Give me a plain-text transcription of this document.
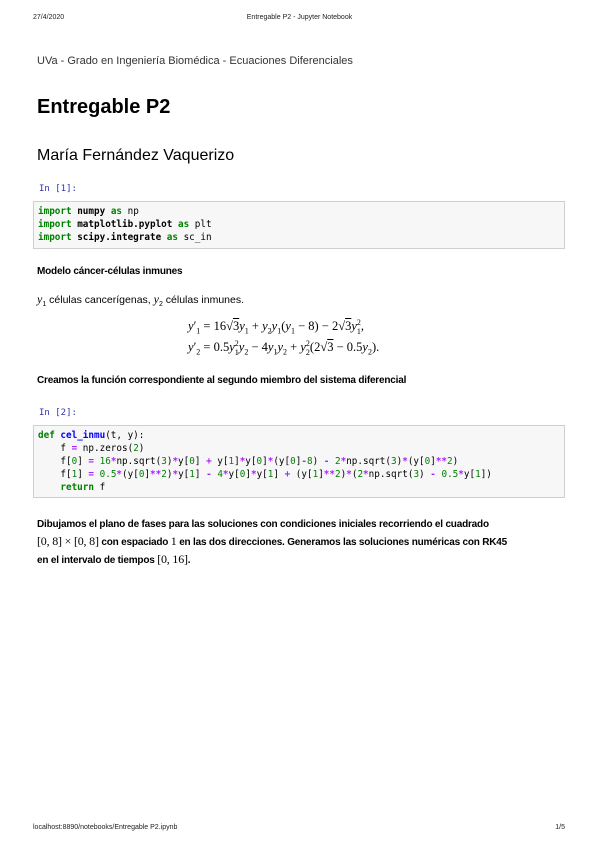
27/4/2020	Entregable P2 - Jupyter Notebook
UVa - Grado en Ingeniería Biomédica - Ecuaciones Diferenciales
Entregable P2
María Fernández Vaquerizo
In [1]:
import numpy as np
import matplotlib.pyplot as plt
import scipy.integrate as sc_in
Modelo cáncer-células inmunes
$y_1$ células cancerígenas, $y_2$ células inmunes.
$y'_1 = 16√3y_1 + y_2y_1(y_1 - 8) - 2√3y^2_1$,
$y'_2 = 0.5y^2_1y_2 - 4y_1y_2 + y^2_2(2√3 - 0.5y_2)$.
Creamos la función correspondiente al segundo miembro del sistema diferencial
In [2]:
def cel_inmu(t, y):
f = np.zeros(2)
f[0] = 16*np.sqrt(3)*y[0] + y[1]*y[0]*(y[0]-8) - 2*np.sqrt(3)*(y[0]**2)
f[1] = 0.5*(y[0]**2)*y[1] - 4*y[0]*y[1] + (y[1]**2)*(2*np.sqrt(3) - 0.5*y[1])
return f
Dibujamos el plano de fases para las soluciones con condiciones iniciales recorriendo el cuadrado
[0, 8] × [0, 8] con espaciado 1 en las dos direcciones. Generamos las soluciones numéricas con RK45
en el intervalo de tiempos [0, 16].
localhost:8890/notebooks/Entregable P2.ipynb	1/5
